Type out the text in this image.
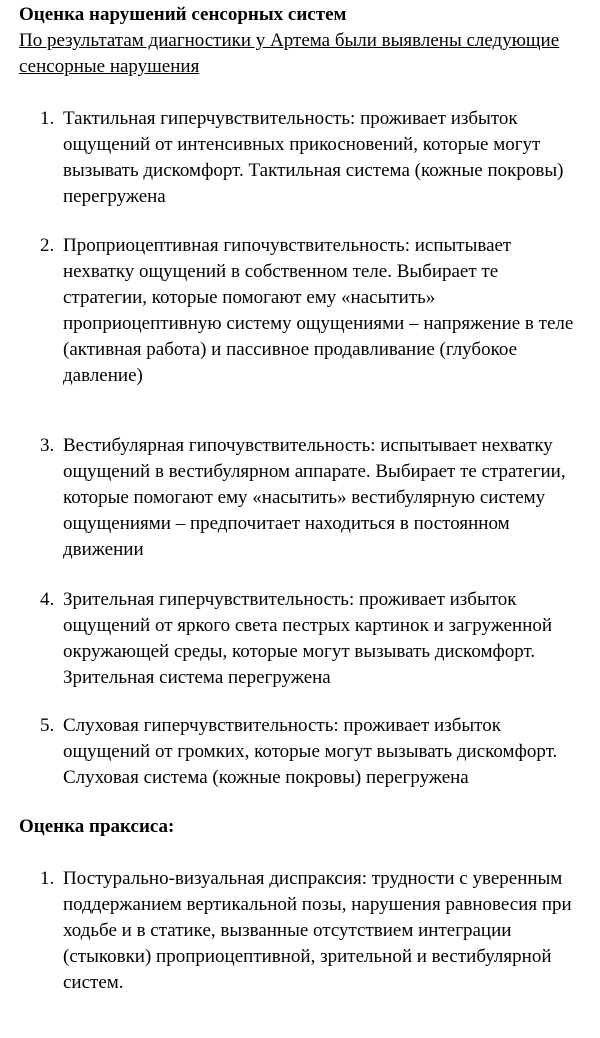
Оценка нарушений сенсорных систем
По результатам диагностики у Артема были выявлены следующие сенсорные нарушения
1. Тактильная гиперчувствительность: проживает избыток ощущений от интенсивных прикосновений, которые могут вызывать дискомфорт. Тактильная система (кожные покровы) перегружена
2. Проприоцептивная гипочувствительность: испытывает нехватку ощущений в собственном теле. Выбирает те стратегии, которые помогают ему «насытить» проприоцептивную систему ощущениями – напряжение в теле (активная работа) и пассивное продавливание (глубокое давление)
3. Вестибулярная гипочувствительность: испытывает нехватку ощущений в вестибулярном аппарате. Выбирает те стратегии, которые помогают ему «насытить» вестибулярную систему ощущениями – предпочитает находиться в постоянном движении
4. Зрительная гиперчувствительность: проживает избыток ощущений от яркого света пестрых картинок и загруженной окружающей среды, которые могут вызывать дискомфорт. Зрительная система перегружена
5. Слуховая гиперчувствительность: проживает избыток ощущений от громких, которые могут вызывать дискомфорт. Слуховая система (кожные покровы) перегружена
Оценка праксиса:
1. Постурально-визуальная диспраксия: трудности с уверенным поддержанием вертикальной позы, нарушения равновесия при ходьбе и в статике, вызванные отсутствием интеграции (стыковки) проприоцептивной, зрительной и вестибулярной систем.
